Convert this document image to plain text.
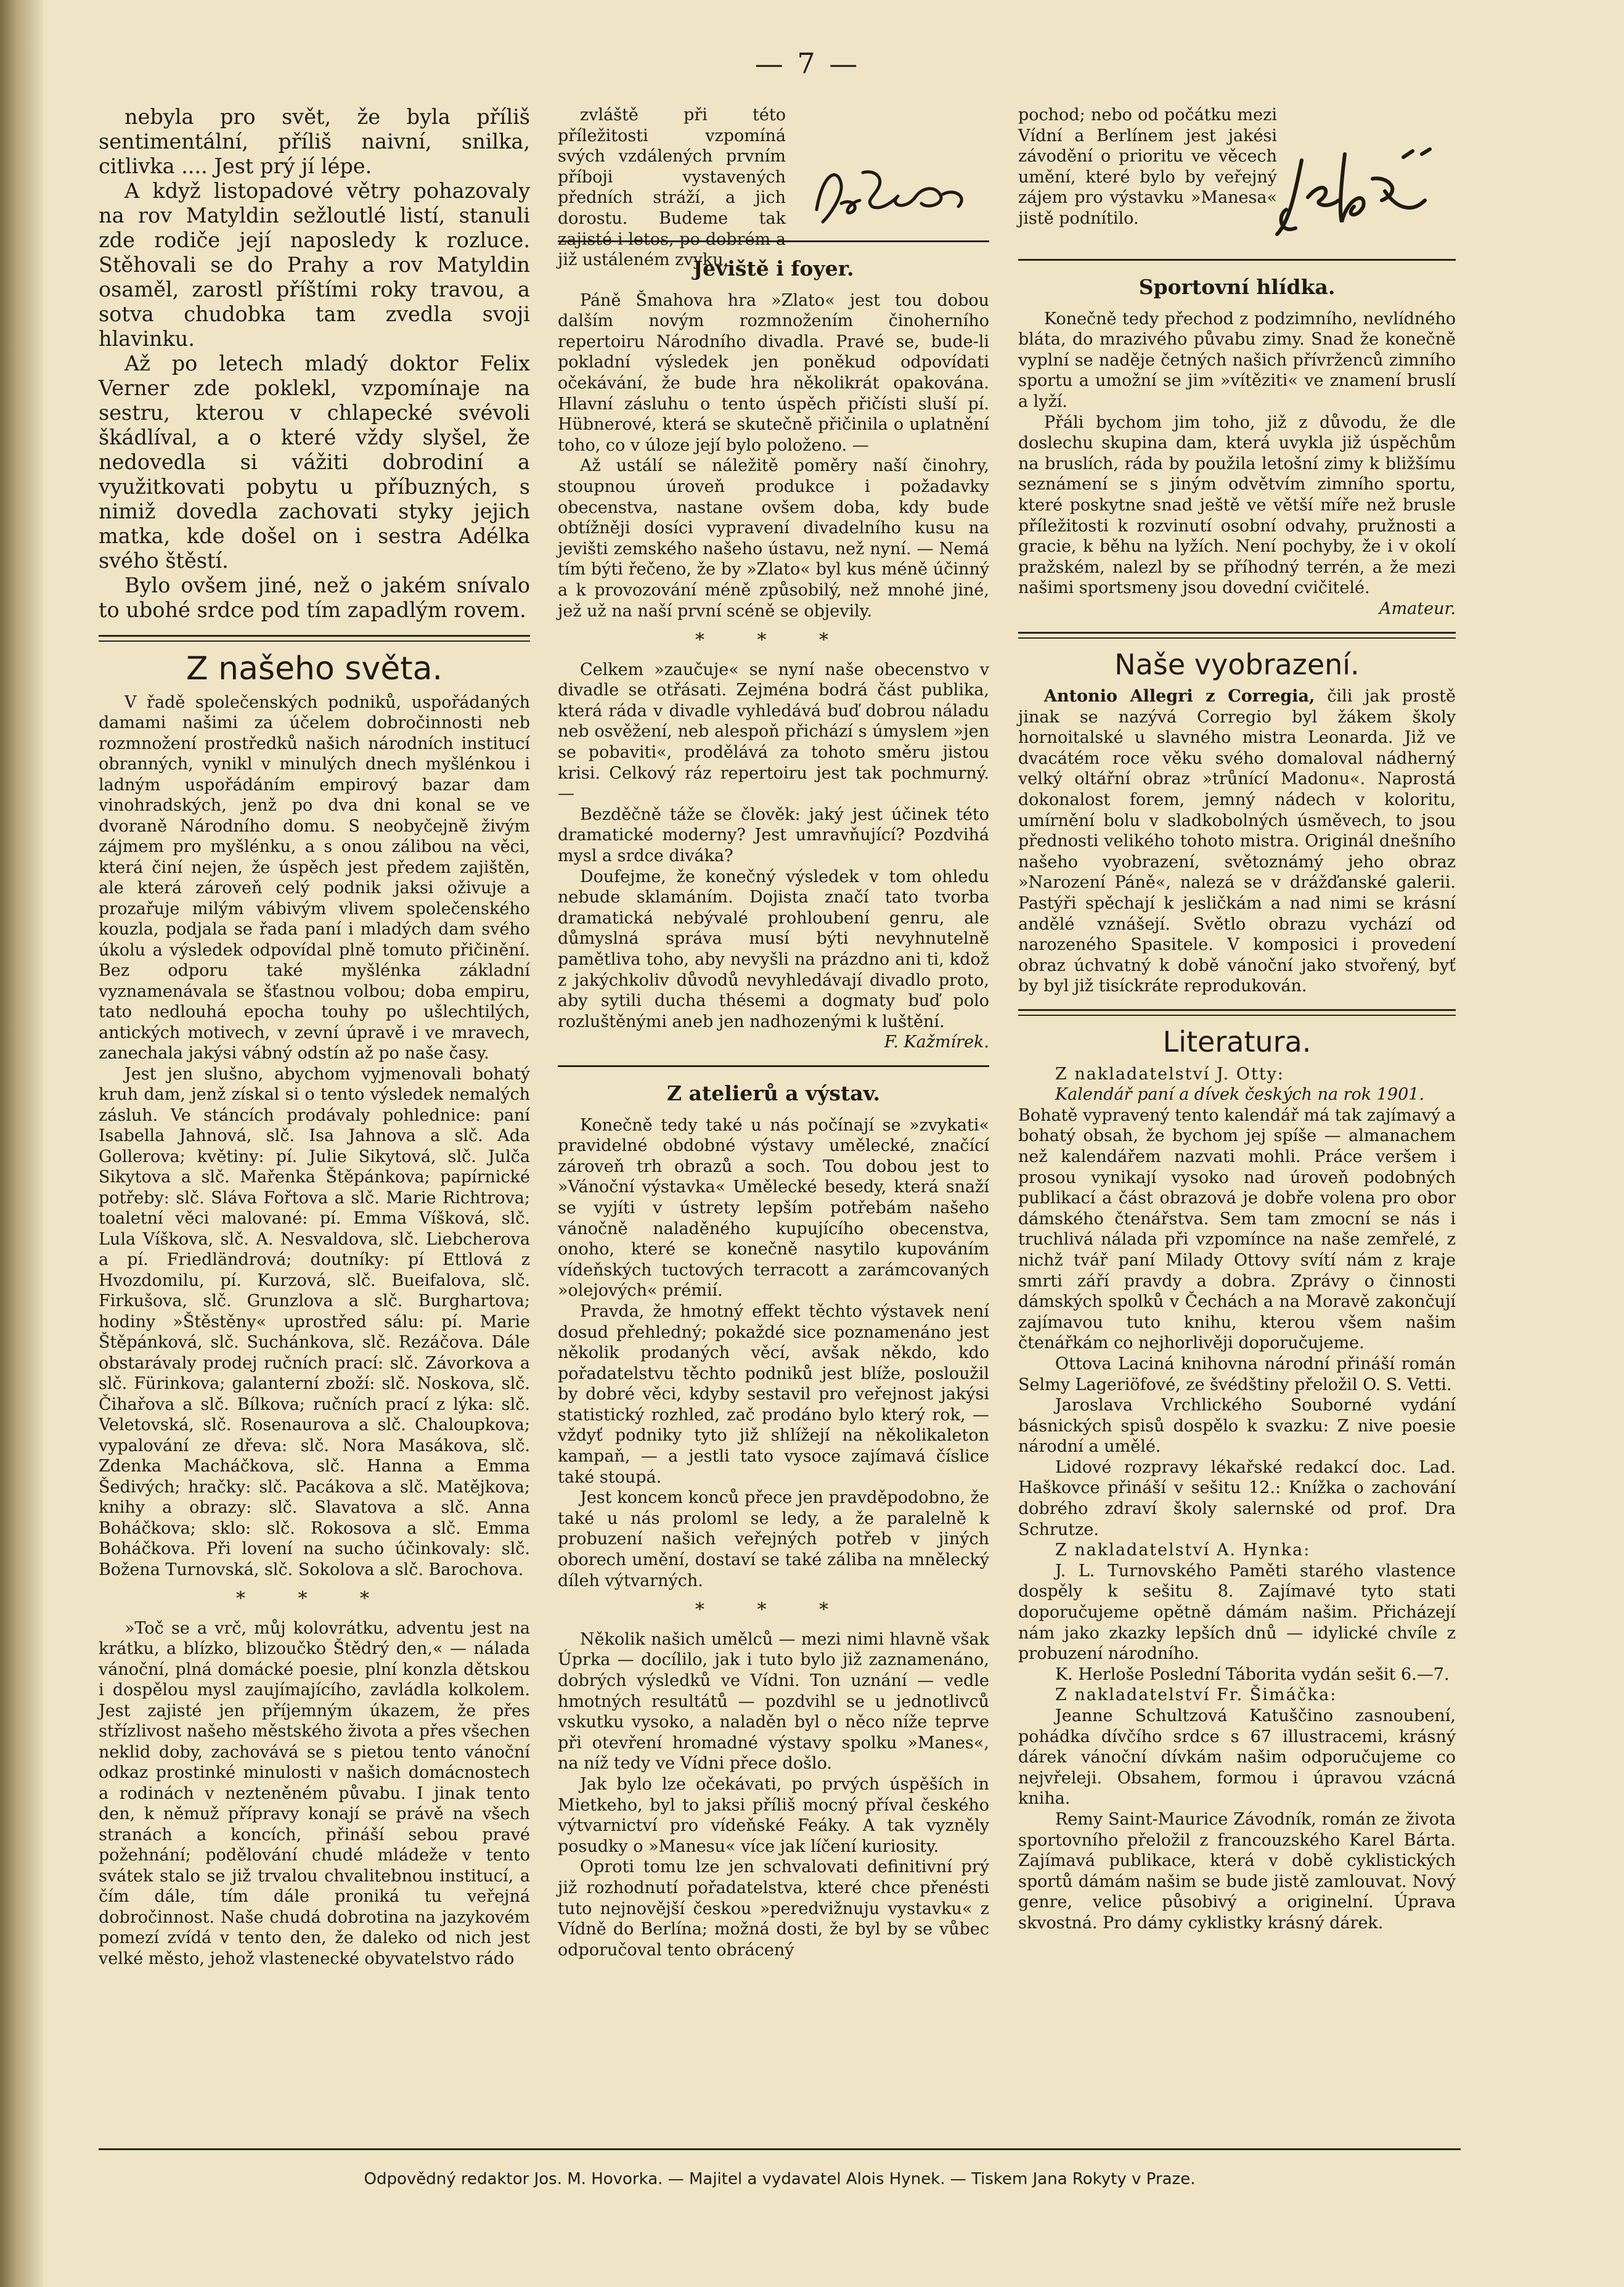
— 7 —

nebyla pro svět, že byla příliš sentimentální, příliš naivní, snilka, citlivka .... Jest prý jí lépe.

A když listopadové větry pohazovaly na rov Matyldin sežloutlé listí, stanuli zde rodiče její naposledy k rozluce. Stěhovali se do Prahy a rov Matyldin osaměl, zarostl příštími roky travou, a sotva chudobka tam zvedla svoji hlavinku.

Až po letech mladý doktor Felix Verner zde poklekl, vzpomínaje na sestru, kterou v chlapecké svévoli škádlíval, a o které vždy slyšel, že nedovedla si vážiti dobrodiní a využitkovati pobytu u příbuzných, s nimiž dovedla zachovati styky jejich matka, kde došel on i sestra Adélka svého štěstí.

Bylo ovšem jiné, než o jakém snívalo to ubohé srdce pod tím zapadlým rovem.

Z našeho světa.

V řadě společenských podniků, uspořádaných damami našimi za účelem dobročinnosti neb rozmnožení prostředků našich národních institucí obranných, vynikl v minulých dnech myšlénkou i ladným uspořádáním empirový bazar dam vinohradských, jenž po dva dni konal se ve dvoraně Národního domu. S neobyčejně živým zájmem pro myšlénku, a s onou zálibou na věci, která činí nejen, že úspěch jest předem zajištěn, ale která zároveň celý podnik jaksi oživuje a prozařuje milým vábivým vlivem společenského kouzla, podjala se řada paní i mladých dam svého úkolu a výsledek odpovídal plně tomuto přičinění. Bez odporu také myšlénka základní vyznamenávala se šťastnou volbou; doba empiru, tato nedlouhá epocha touhy po ušlechtilých, antických motivech, v zevní úpravě i ve mravech, zanechala jakýsi vábný odstín až po naše časy.

Jest jen slušno, abychom vyjmenovali bohatý kruh dam, jenž získal si o tento výsledek nemalých zásluh. Ve stáncích prodávaly pohlednice: paní Isabella Jahnová, slč. Isa Jahnova a slč. Ada Gollerova; květiny: pí. Julie Sikytová, slč. Julča Sikytova a slč. Mařenka Štěpánkova; papírnické potřeby: slč. Sláva Fořtova a slč. Marie Richtrova; toaletní věci malované: pí. Emma Víšková, slč. Lula Víškova, slč. A. Nesvaldova, slč. Liebcherova a pí. Friedländrová; doutníky: pí Ettlová z Hvozdomilu, pí. Kurzová, slč. Bueifalova, slč. Firkušova, slč. Grunzlova a slč. Burghartova; hodiny »Štěstěny« uprostřed sálu: pí. Marie Štěpánková, slč. Suchánkova, slč. Rezáčova. Dále obstarávaly prodej ručních prací: slč. Závorkova a slč. Fürinkova; galanterní zboží: slč. Noskova, slč. Čihařova a slč. Bílkova; ručních prací z lýka: slč. Veletovská, slč. Rosenaurova a slč. Chaloupkova; vypalování ze dřeva: slč. Nora Masákova, slč. Zdenka Macháčkova, slč. Hanna a Emma Šedivých; hračky: slč. Pacákova a slč. Matějkova; knihy a obrazy: slč. Slavatova a slč. Anna Boháčkova; sklo: slč. Rokosova a slč. Emma Boháčkova. Při lovení na sucho účinkovaly: slč. Božena Turnovská, slč. Sokolova a slč. Barochova.

* * *

»Toč se a vrč, můj kolovrátku, adventu jest na krátku, a blízko, blizoučko Štědrý den,« — nálada vánoční, plná domácké poesie, plní konzla dětskou i dospělou mysl zaujímajícího, zavládla kolkolem. Jest zajisté jen příjemným úkazem, že přes střízlivost našeho městského života a přes všechen neklid doby, zachovává se s pietou tento vánoční odkaz prostinké minulosti v našich domácnostech a rodinách v nezteněném půvabu. I jinak tento den, k němuž přípravy konají se právě na všech stranách a koncích, přináší sebou pravé požehnání; podělování chudé mládeže v tento svátek stalo se již trvalou chvalitebnou institucí, a čím dále, tím dále proniká tu veřejná dobročinnost. Naše chudá dobrotina na jazykovém pomezí zvídá v tento den, že daleko od nich jest velké město, jehož vlastenecké obyvatelstvo rádo

zvláště při této příležitosti vzpomíná svých vzdálených prvním příboji vystavených předních stráží, a jich dorostu. Budeme tak zajisté i letos, po dobrém a již ustáleném zvyku.

Jeviště i foyer.

Páně Šmahova hra »Zlato« jest tou dobou dalším novým rozmnožením činoherního repertoiru Národního divadla. Pravé se, bude-li pokladní výsledek jen poněkud odpovídati očekávání, že bude hra několikrát opakována. Hlavní zásluhu o tento úspěch přičísti sluší pí. Hübnerové, která se skutečně přičinila o uplatnění toho, co v úloze její bylo položeno. —

Až ustálí se náležitě poměry naší činohry, stoupnou úroveň produkce i požadavky obecenstva, nastane ovšem doba, kdy bude obtížněji dosíci vypravení divadelního kusu na jevišti zemského našeho ústavu, než nyní. — Nemá tím býti řečeno, že by »Zlato« byl kus méně účinný a k provozování méně způsobilý, než mnohé jiné, jež už na naší první scéně se objevily.

* * *

Celkem »zaučuje« se nyní naše obecenstvo v divadle se otřásati. Zejména bodrá část publika, která ráda v divadle vyhledává buď dobrou náladu neb osvěžení, neb alespoň přichází s úmyslem »jen se pobaviti«, prodělává za tohoto směru jistou krisi. Celkový ráz repertoiru jest tak pochmurný. —

Bezděčně táže se člověk: jaký jest účinek této dramatické moderny? Jest umravňující? Pozdvihá mysl a srdce diváka?

Doufejme, že konečný výsledek v tom ohledu nebude sklamáním. Dojista značí tato tvorba dramatická nebývalé prohloubení genru, ale důmyslná správa musí býti nevyhnutelně pamětliva toho, aby nevyšli na prázdno ani ti, kdož z jakýchkoliv důvodů nevyhledávají divadlo proto, aby sytili ducha thésemi a dogmaty buď polo rozluštěnými aneb jen nadhozenými k luštění.

F. Kažmírek.
Z atelierů a výstav.

Konečně tedy také u nás počínají se »zvykati« pravidelné obdobné výstavy umělecké, značící zároveň trh obrazů a soch. Tou dobou jest to »Vánoční výstavka« Umělecké besedy, která snaží se vyjíti v ústrety lepším potřebám našeho vánočně naladěného kupujícího obecenstva, onoho, které se konečně nasytilo kupováním vídeňských tuctových terracott a zarámcovaných »olejových« prémií.

Pravda, že hmotný effekt těchto výstavek není dosud přehledný; pokaždé sice poznamenáno jest několik prodaných věcí, avšak někdo, kdo pořadatelstvu těchto podniků jest blíže, posloužil by dobré věci, kdyby sestavil pro veřejnost jakýsi statistický rozhled, zač prodáno bylo který rok, — vždyť podniky tyto již shlížejí na několikaleton kampaň, — a jestli tato vysoce zajímavá číslice také stoupá.

Jest koncem konců přece jen pravděpodobno, že také u nás proloml se ledy, a že paralelně k probuzení našich veřejných potřeb v jiných oborech umění, dostaví se také záliba na mnělecký díleh výtvarných.

* * *

Několik našich umělců — mezi nimi hlavně však Úprka — docílilo, jak i tuto bylo již zaznamenáno, dobrých výsledků ve Vídni. Ton uznání — vedle hmotných resultátů — pozdvihl se u jednotlivců vskutku vysoko, a naladěn byl o něco níže teprve při otevření hromadné výstavy spolku »Manes«, na níž tedy ve Vídni přece došlo.

Jak bylo lze očekávati, po prvých úspěších in Mietkeho, byl to jaksi příliš mocný příval českého výtvarnictví pro vídeňské Feáky. A tak vyzněly posudky o »Manesu« více jak líčení kuriosity.

Oproti tomu lze jen schvalovati definitivní prý již rozhodnutí pořadatelstva, které chce přenésti tuto nejnovější českou »peredvižnuju vystavku« z Vídně do Berlína; možná dosti, že byl by se vůbec odporučoval tento obrácený

pochod; nebo od počátku mezi Vídní a Berlínem jest jakési závodění o prioritu ve věcech umění, které bylo by veřejný zájem pro výstavku »Manesa« jistě podnítilo.

Sportovní hlídka.

Konečně tedy přechod z podzimního, nevlídného bláta, do mrazivého půvabu zimy. Snad že konečně vyplní se naděje četných našich přívrženců zimního sportu a umožní se jim »vítěziti« ve znamení bruslí a lyží.

Přáli bychom jim toho, již z důvodu, že dle doslechu skupina dam, která uvykla již úspěchům na bruslích, ráda by použila letošní zimy k bližšímu seznámení se s jiným odvětvím zimního sportu, které poskytne snad ještě ve větší míře než brusle příležitosti k rozvinutí osobní odvahy, pružnosti a gracie, k běhu na lyžích. Není pochyby, že i v okolí pražském, nalezl by se příhodný terrén, a že mezi našimi sportsmeny jsou dovední cvičitelé.

Amateur.
Naše vyobrazení.

Antonio Allegri z Corregia, čili jak prostě jinak se nazývá Corregio byl žákem školy hornoitalské u slavného mistra Leonarda. Již ve dvacátém roce věku svého domaloval nádherný velký oltářní obraz »trůnící Madonu«. Naprostá dokonalost forem, jemný nádech v koloritu, umírnění bolu v sladkobolných úsměvech, to jsou přednosti velikého tohoto mistra. Originál dnešního našeho vyobrazení, světoznámý jeho obraz »Narození Páně«, nalezá se v drážďanské galerii. Pastýři spěchají k jesličkám a nad nimi se krásní andělé vznášejí. Světlo obrazu vychází od narozeného Spasitele. V komposici i provedení obraz úchvatný k době vánoční jako stvořený, byť by byl již tisíckráte reprodukován.

Literatura.

Z nakladatelství J. Otty:

Kalendář paní a dívek českých na rok 1901.

Bohatě vypravený tento kalendář má tak zajímavý a bohatý obsah, že bychom jej spíše — almanachem než kalendářem nazvati mohli. Práce veršem i prosou vynikají vysoko nad úroveň podobných publikací a část obrazová je dobře volena pro obor dámského čtenářstva. Sem tam zmocní se nás i truchlivá nálada při vzpomínce na naše zemřelé, z nichž tvář paní Milady Ottovy svítí nám z kraje smrti září pravdy a dobra. Zprávy o činnosti dámských spolků v Čechách a na Moravě zakončují zajímavou tuto knihu, kterou všem našim čtenářkám co nejhorlivěji doporučujeme.

Ottova Laciná knihovna národní přináší román Selmy Lageriöfové, ze švédštiny přeložil O. S. Vetti.

Jaroslava Vrchlického Souborné vydání básnických spisů dospělo k svazku: Z nive poesie národní a umělé.

Lidové rozpravy lékařské redakcí doc. Lad. Haškovce přináší v sešitu 12.: Knížka o zachování dobrého zdraví školy salernské od prof. Dra Schrutze.

Z nakladatelství A. Hynka:

J. L. Turnovského Paměti starého vlastence dospěly k sešitu 8. Zajímavé tyto stati doporučujeme opětně dámám našim. Přicházejí nám jako zkazky lepších dnů — idylické chvíle z probuzení národního.

K. Herloše Poslední Táborita vydán sešit 6.—7.

Z nakladatelství Fr. Šimáčka:

Jeanne Schultzová Katuščino zasnoubení, pohádka dívčího srdce s 67 illustracemi, krásný dárek vánoční dívkám našim odporučujeme co nejvřeleji. Obsahem, formou i úpravou vzácná kniha.

Remy Saint-Maurice Závodník, román ze života sportovního přeložil z francouzského Karel Bárta. Zajímavá publikace, která v době cyklistických sportů dámám našim se bude jistě zamlouvat. Nový genre, velice působivý a originelní. Úprava skvostná. Pro dámy cyklistky krásný dárek.

Odpovědný redaktor Jos. M. Hovorka. — Majitel a vydavatel Alois Hynek. — Tiskem Jana Rokyty v Praze.
